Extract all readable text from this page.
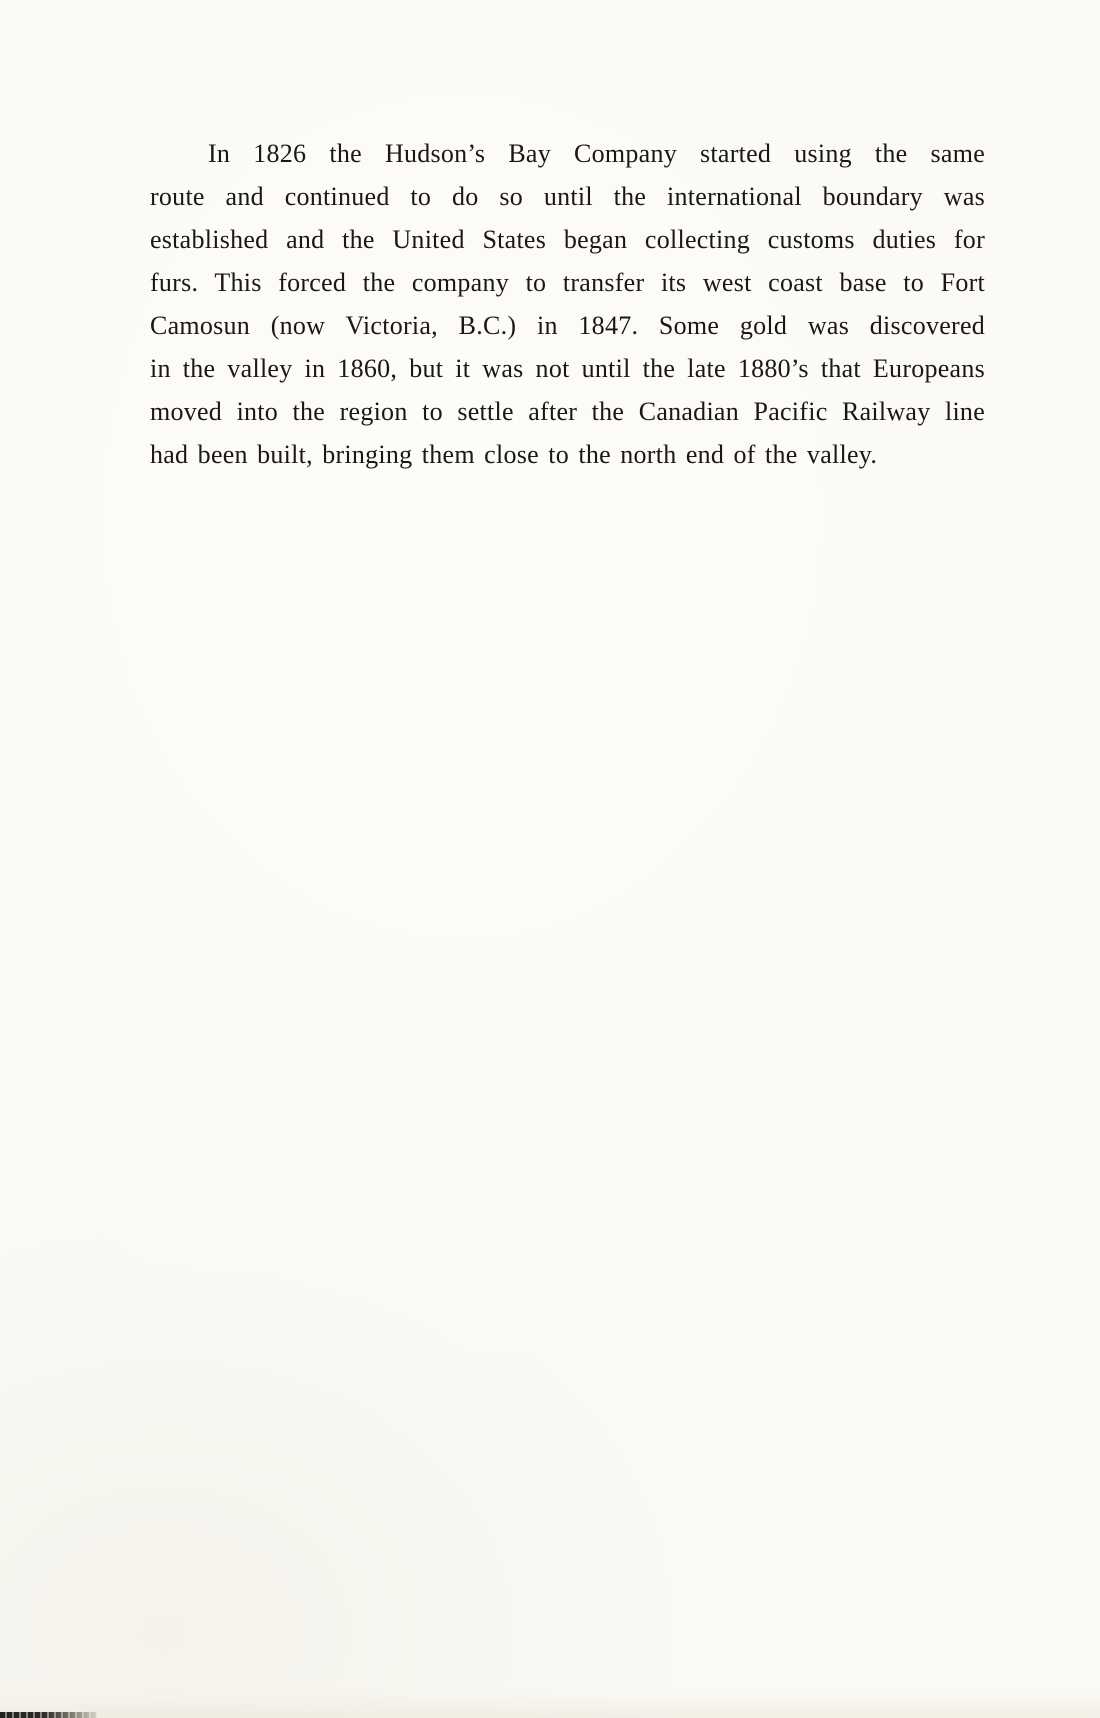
In 1826 the Hudson’s Bay Company started using the same
route and continued to do so until the international boundary was
established and the United States began collecting customs duties for
furs. This forced the company to transfer its west coast base to Fort
Camosun (now Victoria, B.C.) in 1847. Some gold was discovered
in the valley in 1860, but it was not until the late 1880’s that Europeans
moved into the region to settle after the Canadian Pacific Railway line
had been built, bringing them close to the north end of the valley.
